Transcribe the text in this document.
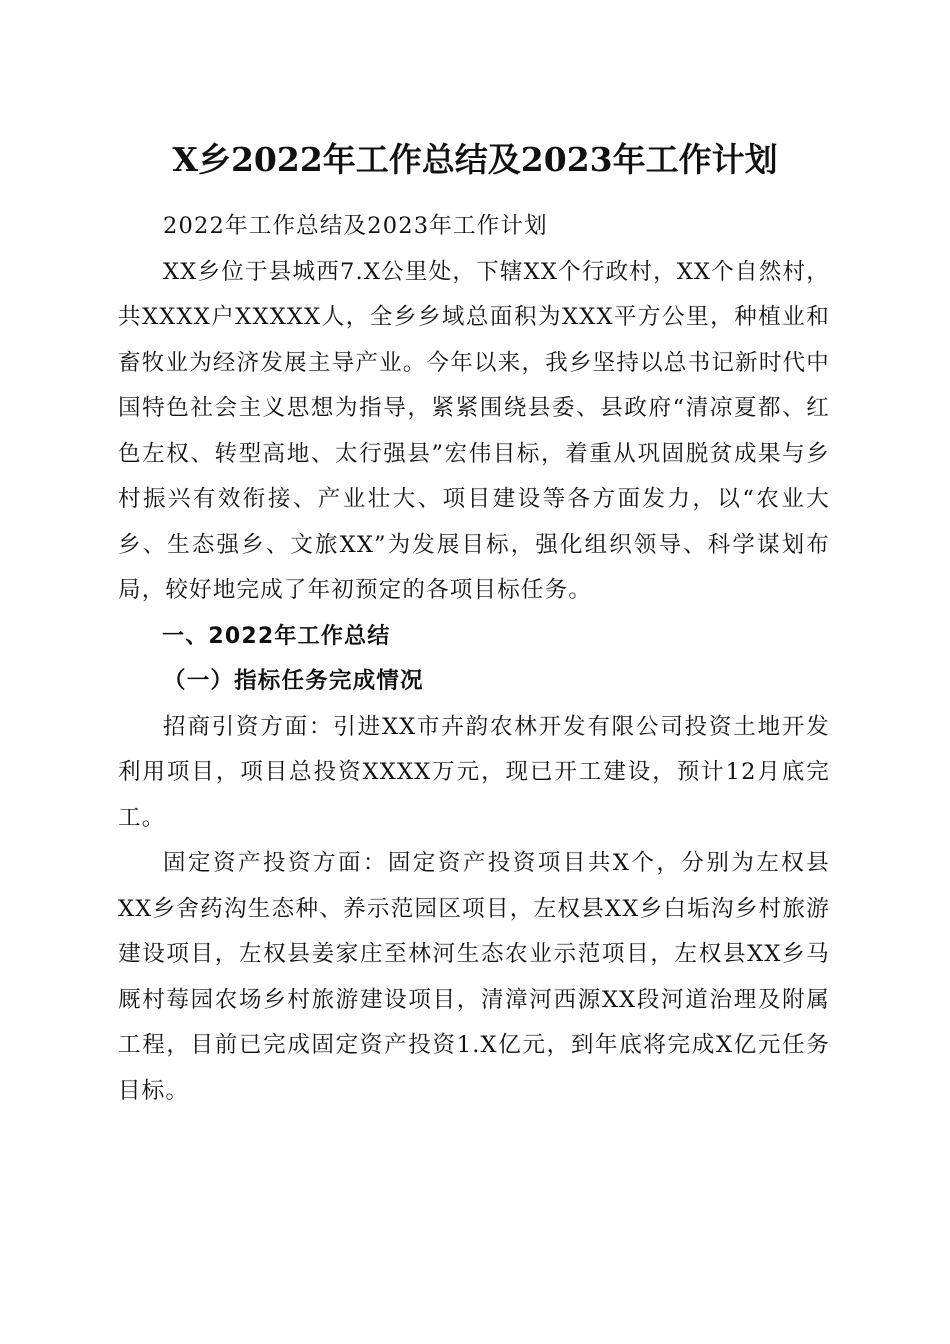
X乡2022年工作总结及2023年工作计划

2022年工作总结及2023年工作计划

XX乡位于县城西7.X公里处，下辖XX个行政村，XX个自然村，共XXXX户XXXXX人，全乡乡域总面积为XXX平方公里，种植业和畜牧业为经济发展主导产业。今年以来，我乡坚持以总书记新时代中国特色社会主义思想为指导，紧紧围绕县委、县政府“清凉夏都、红色左权、转型高地、太行强县”宏伟目标，着重从巩固脱贫成果与乡村振兴有效衔接、产业壮大、项目建设等各方面发力，以“农业大乡、生态强乡、文旅XX”为发展目标，强化组织领导、科学谋划布局，较好地完成了年初预定的各项目标任务。

一、2022年工作总结

（一）指标任务完成情况

招商引资方面：引进XX市卉韵农林开发有限公司投资土地开发利用项目，项目总投资XXXX万元，现已开工建设，预计12月底完工。

固定资产投资方面：固定资产投资项目共X个，分别为左权县XX乡舍药沟生态种、养示范园区项目，左权县XX乡白垢沟乡村旅游建设项目，左权县姜家庄至林河生态农业示范项目，左权县XX乡马厩村莓园农场乡村旅游建设项目，清漳河西源XX段河道治理及附属工程，目前已完成固定资产投资1.X亿元，到年底将完成X亿元任务目标。
